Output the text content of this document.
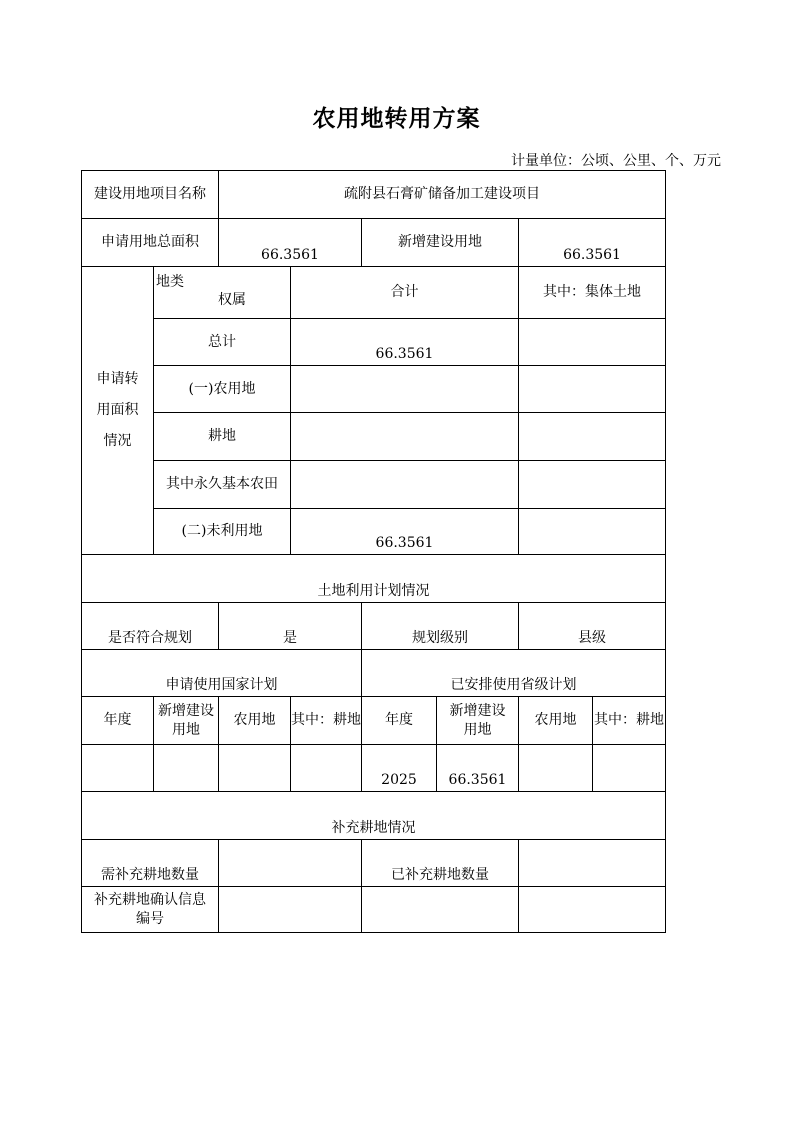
农用地转用方案
计量单位：公顷、公里、个、万元
建设用地项目名称		疏附县石膏矿储备加工建设项目					
申请用地总面积		66.3561		新增建设用地		66.3561	

申请转用面积情况	地类
权属		合计			其中：集体土地	
	总计		66.3561				
	(一)农用地						
	耕地						
	其中永久基本农田						
	(二)未利用地		66.3561				
土地利用计划情况							
是否符合规划		是		规划级别		县级	
申请使用国家计划				已安排使用省级计划			
年度	新增建设用地	农用地	其中：耕地	年度	新增建设用地	农用地	其中：耕地
				2025	66.3561		
补充耕地情况							
需补充耕地数量				已补充耕地数量			

补充耕地确认信息编号							
